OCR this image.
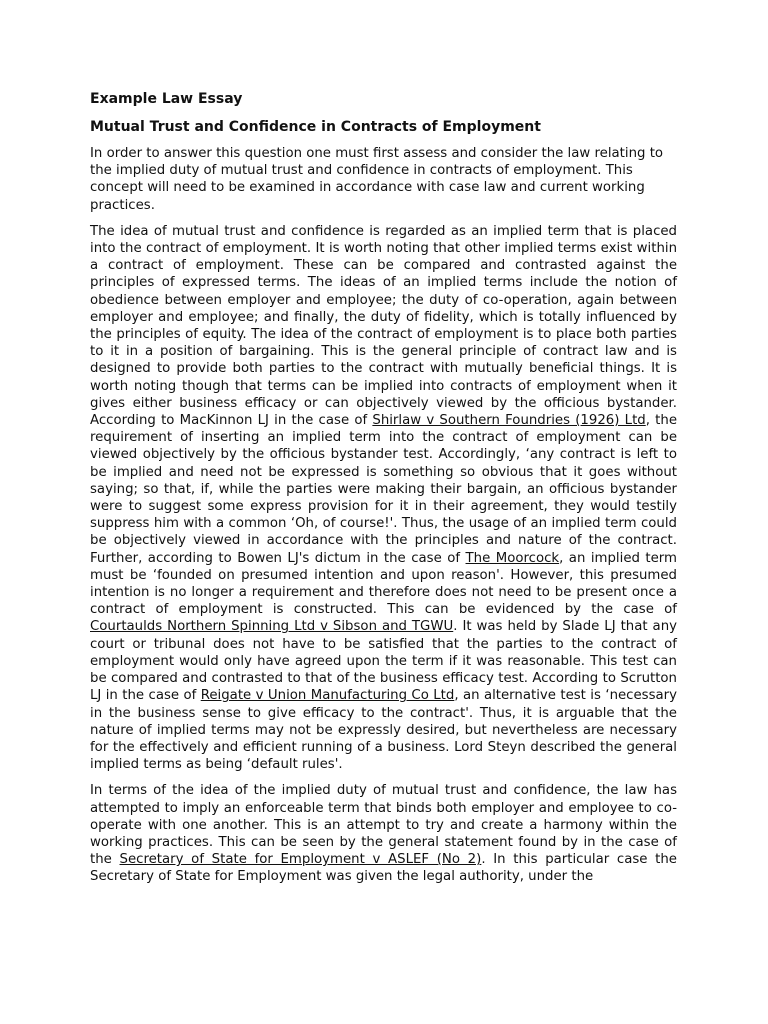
Example Law Essay
Mutual Trust and Confidence in Contracts of Employment

In order to answer this question one must first assess and consider the law relating to the implied duty of mutual trust and confidence in contracts of employment. This concept will need to be examined in accordance with case law and current working practices.

The idea of mutual trust and confidence is regarded as an implied term that is placed into the contract of employment. It is worth noting that other implied terms exist within a contract of employment. These can be compared and contrasted against the principles of expressed terms. The ideas of an implied terms include the notion of obedience between employer and employee; the duty of co-operation, again between employer and employee; and finally, the duty of fidelity, which is totally influenced by the principles of equity. The idea of the contract of employment is to place both parties to it in a position of bargaining. This is the general principle of contract law and is designed to provide both parties to the contract with mutually beneficial things. It is worth noting though that terms can be implied into contracts of employment when it gives either business efficacy or can objectively viewed by the officious bystander. According to MacKinnon LJ in the case of Shirlaw v Southern Foundries (1926) Ltd, the requirement of inserting an implied term into the contract of employment can be viewed objectively by the officious bystander test. Accordingly, ‘any contract is left to be implied and need not be expressed is something so obvious that it goes without saying; so that, if, while the parties were making their bargain, an officious bystander were to suggest some express provision for it in their agreement, they would testily suppress him with a common ‘Oh, of course!'. Thus, the usage of an implied term could be objectively viewed in accordance with the principles and nature of the contract. Further, according to Bowen LJ's dictum in the case of The Moorcock, an implied term must be ‘founded on presumed intention and upon reason'. However, this presumed intention is no longer a requirement and therefore does not need to be present once a contract of employment is constructed. This can be evidenced by the case of Courtaulds Northern Spinning Ltd v Sibson and TGWU. It was held by Slade LJ that any court or tribunal does not have to be satisfied that the parties to the contract of employment would only have agreed upon the term if it was reasonable. This test can be compared and contrasted to that of the business efficacy test. According to Scrutton LJ in the case of Reigate v Union Manufacturing Co Ltd, an alternative test is ‘necessary in the business sense to give efficacy to the contract'. Thus, it is arguable that the nature of implied terms may not be expressly desired, but nevertheless are necessary for the effectively and efficient running of a business. Lord Steyn described the general implied terms as being ‘default rules'.

In terms of the idea of the implied duty of mutual trust and confidence, the law has attempted to imply an enforceable term that binds both employer and employee to co-operate with one another. This is an attempt to try and create a harmony within the working practices. This can be seen by the general statement found by in the case of the Secretary of State for Employment v ASLEF (No 2). In this particular case the Secretary of State for Employment was given the legal authority, under the
